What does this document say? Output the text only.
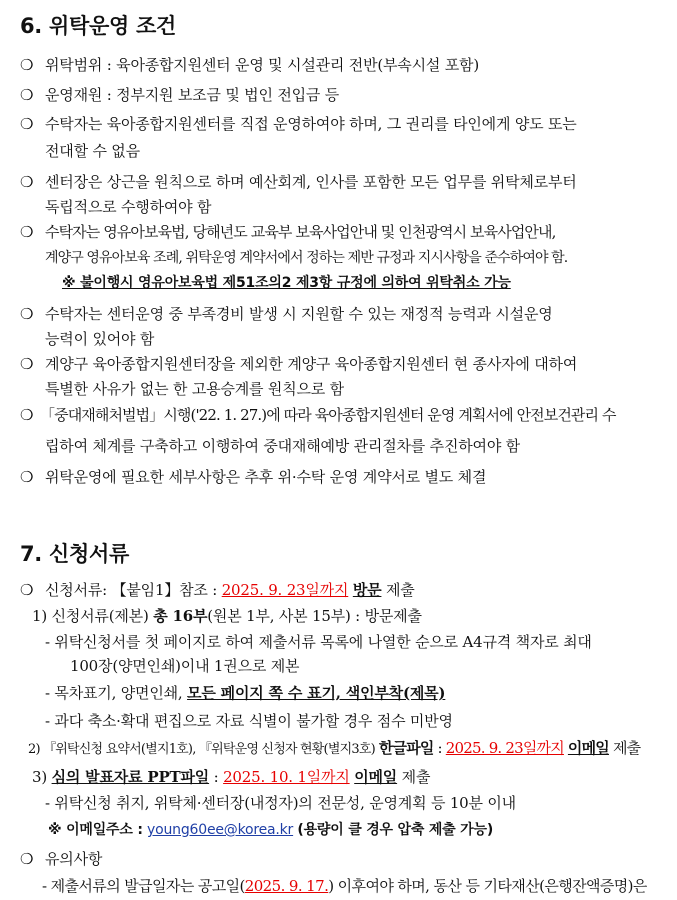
6. 위탁운영 조건
❍ 위탁범위 : 육아종합지원센터 운영 및 시설관리 전반(부속시설 포함)
❍ 운영재원 : 정부지원 보조금 및 법인 전입금 등
❍ 수탁자는 육아종합지원센터를 직접 운영하여야 하며, 그 권리를 타인에게 양도 또는
전대할 수 없음
❍ 센터장은 상근을 원칙으로 하며 예산회계, 인사를 포함한 모든 업무를 위탁체로부터
독립적으로 수행하여야 함
❍ 수탁자는 영유아보육법, 당해년도 교육부 보육사업안내 및 인천광역시 보육사업안내,
계양구 영유아보육 조례, 위탁운영 계약서에서 정하는 제반 규정과 지시사항을 준수하여야 함.
※ 불이행시 영유아보육법 제51조의2 제3항 규정에 의하여 위탁취소 가능
❍ 수탁자는 센터운영 중 부족경비 발생 시 지원할 수 있는 재정적 능력과 시설운영
능력이 있어야 함
❍ 계양구 육아종합지원센터장을 제외한 계양구 육아종합지원센터 현 종사자에 대하여
특별한 사유가 없는 한 고용승계를 원칙으로 함
❍ 「중대재해처벌법」시행('22. 1. 27.)에 따라 육아종합지원센터 운영 계획서에 안전보건관리 수
립하여 체계를 구축하고 이행하여 중대재해예방 관리절차를 추진하여야 함
❍ 위탁운영에 필요한 세부사항은 추후 위·수탁 운영 계약서로 별도 체결
7. 신청서류
❍ 신청서류: 【붙임1】참조 : 2025. 9. 23일까지 방문 제출
1) 신청서류(제본) 총 16부(원본 1부, 사본 15부) : 방문제출
- 위탁신청서를 첫 페이지로 하여 제출서류 목록에 나열한 순으로 A4규격 책자로 최대
100장(양면인쇄)이내 1권으로 제본
- 목차표기, 양면인쇄, 모든 페이지 쪽 수 표기, 색인부착(제목)
- 과다 축소·확대 편집으로 자료 식별이 불가할 경우 점수 미반영
2) 『위탁신청 요약서(별지1호), 『위탁운영 신청자 현황(별지3호) 한글파일 : 2025. 9. 23일까지 이메일 제출
3) 심의 발표자료 PPT파일 : 2025. 10. 1일까지 이메일 제출
- 위탁신청 취지, 위탁체·센터장(내정자)의 전문성, 운영계획 등 10분 이내
※ 이메일주소 : young60ee@korea.kr (용량이 클 경우 압축 제출 가능)
❍ 유의사항
- 제출서류의 발급일자는 공고일(2025. 9. 17.) 이후여야 하며, 동산 등 기타재산(은행잔액증명)은
